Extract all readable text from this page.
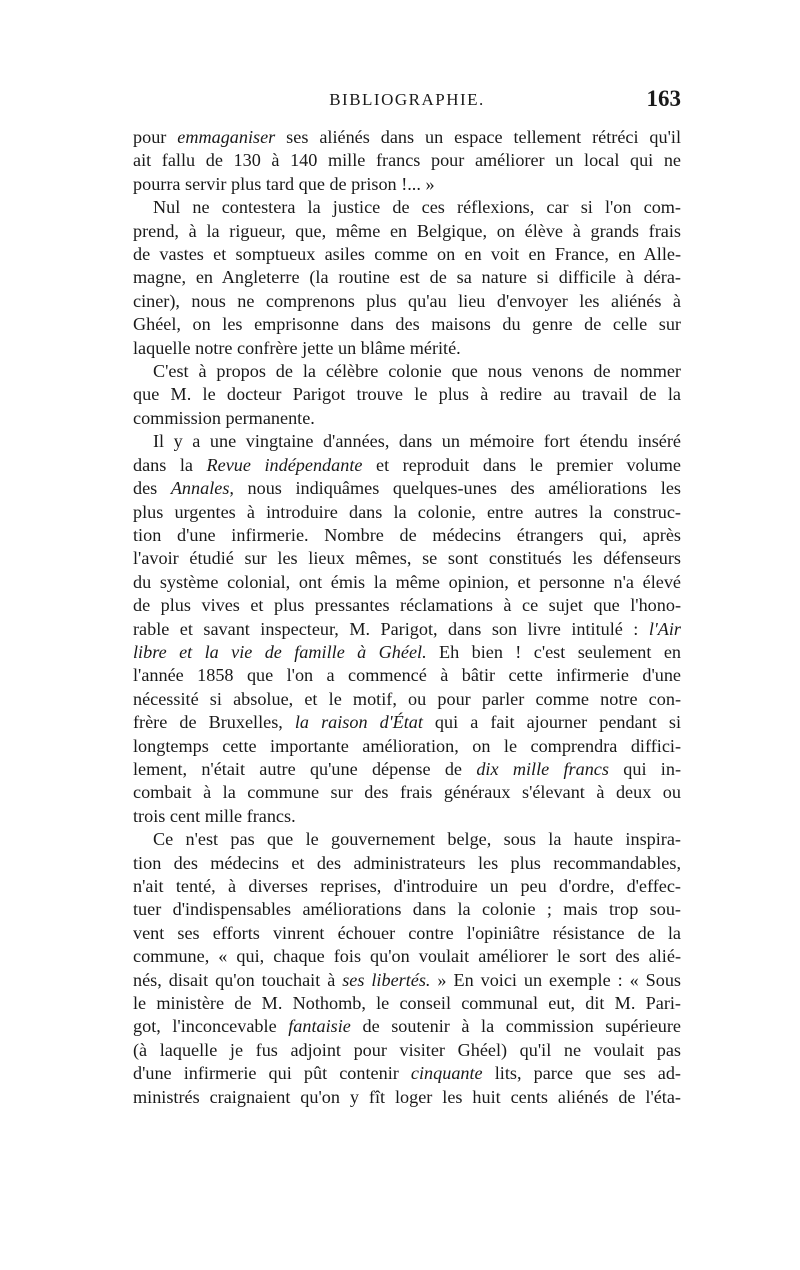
BIBLIOGRAPHIE.	163
pour emmaganiser ses aliénés dans un espace tellement rétréci qu'il
ait fallu de 130 à 140 mille francs pour améliorer un local qui ne
pourra servir plus tard que de prison !... »
Nul ne contestera la justice de ces réflexions, car si l'on com-
prend, à la rigueur, que, même en Belgique, on élève à grands frais
de vastes et somptueux asiles comme on en voit en France, en Alle-
magne, en Angleterre (la routine est de sa nature si difficile à déra-
ciner), nous ne comprenons plus qu'au lieu d'envoyer les aliénés à
Ghéel, on les emprisonne dans des maisons du genre de celle sur
laquelle notre confrère jette un blâme mérité.
C'est à propos de la célèbre colonie que nous venons de nommer
que M. le docteur Parigot trouve le plus à redire au travail de la
commission permanente.
Il y a une vingtaine d'années, dans un mémoire fort étendu inséré
dans la Revue indépendante et reproduit dans le premier volume
des Annales, nous indiquâmes quelques-unes des améliorations les
plus urgentes à introduire dans la colonie, entre autres la construc-
tion d'une infirmerie. Nombre de médecins étrangers qui, après
l'avoir étudié sur les lieux mêmes, se sont constitués les défenseurs
du système colonial, ont émis la même opinion, et personne n'a élevé
de plus vives et plus pressantes réclamations à ce sujet que l'hono-
rable et savant inspecteur, M. Parigot, dans son livre intitulé : l'Air
libre et la vie de famille à Ghéel. Eh bien ! c'est seulement en
l'année 1858 que l'on a commencé à bâtir cette infirmerie d'une
nécessité si absolue, et le motif, ou pour parler comme notre con-
frère de Bruxelles, la raison d'État qui a fait ajourner pendant si
longtemps cette importante amélioration, on le comprendra diffici-
lement, n'était autre qu'une dépense de dix mille francs qui in-
combait à la commune sur des frais généraux s'élevant à deux ou
trois cent mille francs.
Ce n'est pas que le gouvernement belge, sous la haute inspira-
tion des médecins et des administrateurs les plus recommandables,
n'ait tenté, à diverses reprises, d'introduire un peu d'ordre, d'effec-
tuer d'indispensables améliorations dans la colonie ; mais trop sou-
vent ses efforts vinrent échouer contre l'opiniâtre résistance de la
commune, « qui, chaque fois qu'on voulait améliorer le sort des alié-
nés, disait qu'on touchait à ses libertés. » En voici un exemple : « Sous
le ministère de M. Nothomb, le conseil communal eut, dit M. Pari-
got, l'inconcevable fantaisie de soutenir à la commission supérieure
(à laquelle je fus adjoint pour visiter Ghéel) qu'il ne voulait pas
d'une infirmerie qui pût contenir cinquante lits, parce que ses ad-
ministrés craignaient qu'on y fît loger les huit cents aliénés de l'éta-
